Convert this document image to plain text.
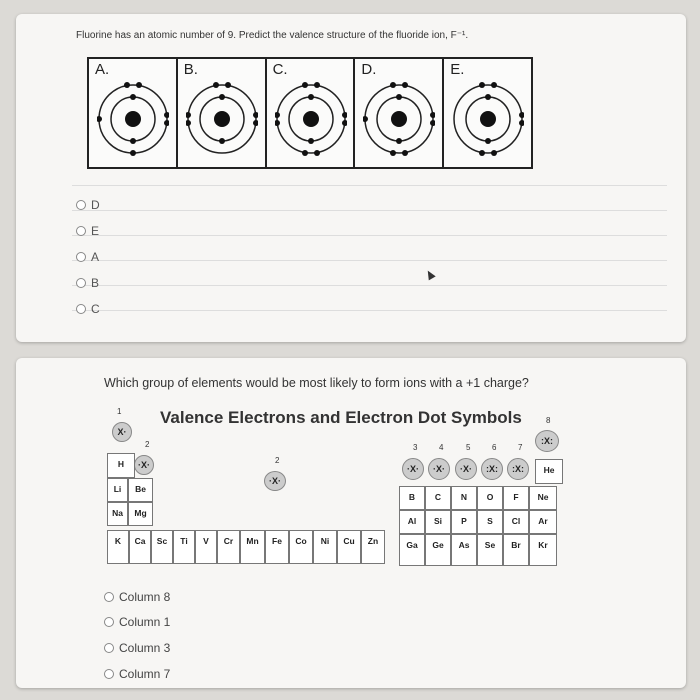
Fluorine has an atomic number of 9. Predict the valence structure of the fluoride ion, F⁻¹.
A.	B.	C.	D.	E.
D
E
A
B
C
Which group of elements would be most likely to form ions with a +1 charge?
Valence Electrons and Electron Dot Symbols
1
2
2
3	4	5	6	7
8
X·
·X·
·X·
·X·	·X·	·X·	:X:	:X:
:X:
H
He
Li	Be
Na	Mg
K	Ca	Sc	Ti	V	Cr	Mn	Fe	Co	Ni	Cu	Zn
B	C	N	O	F	Ne
Al	Si	P	S	Cl	Ar
Ga	Ge	As	Se	Br	Kr
Column 8
Column 1
Column 3
Column 7
